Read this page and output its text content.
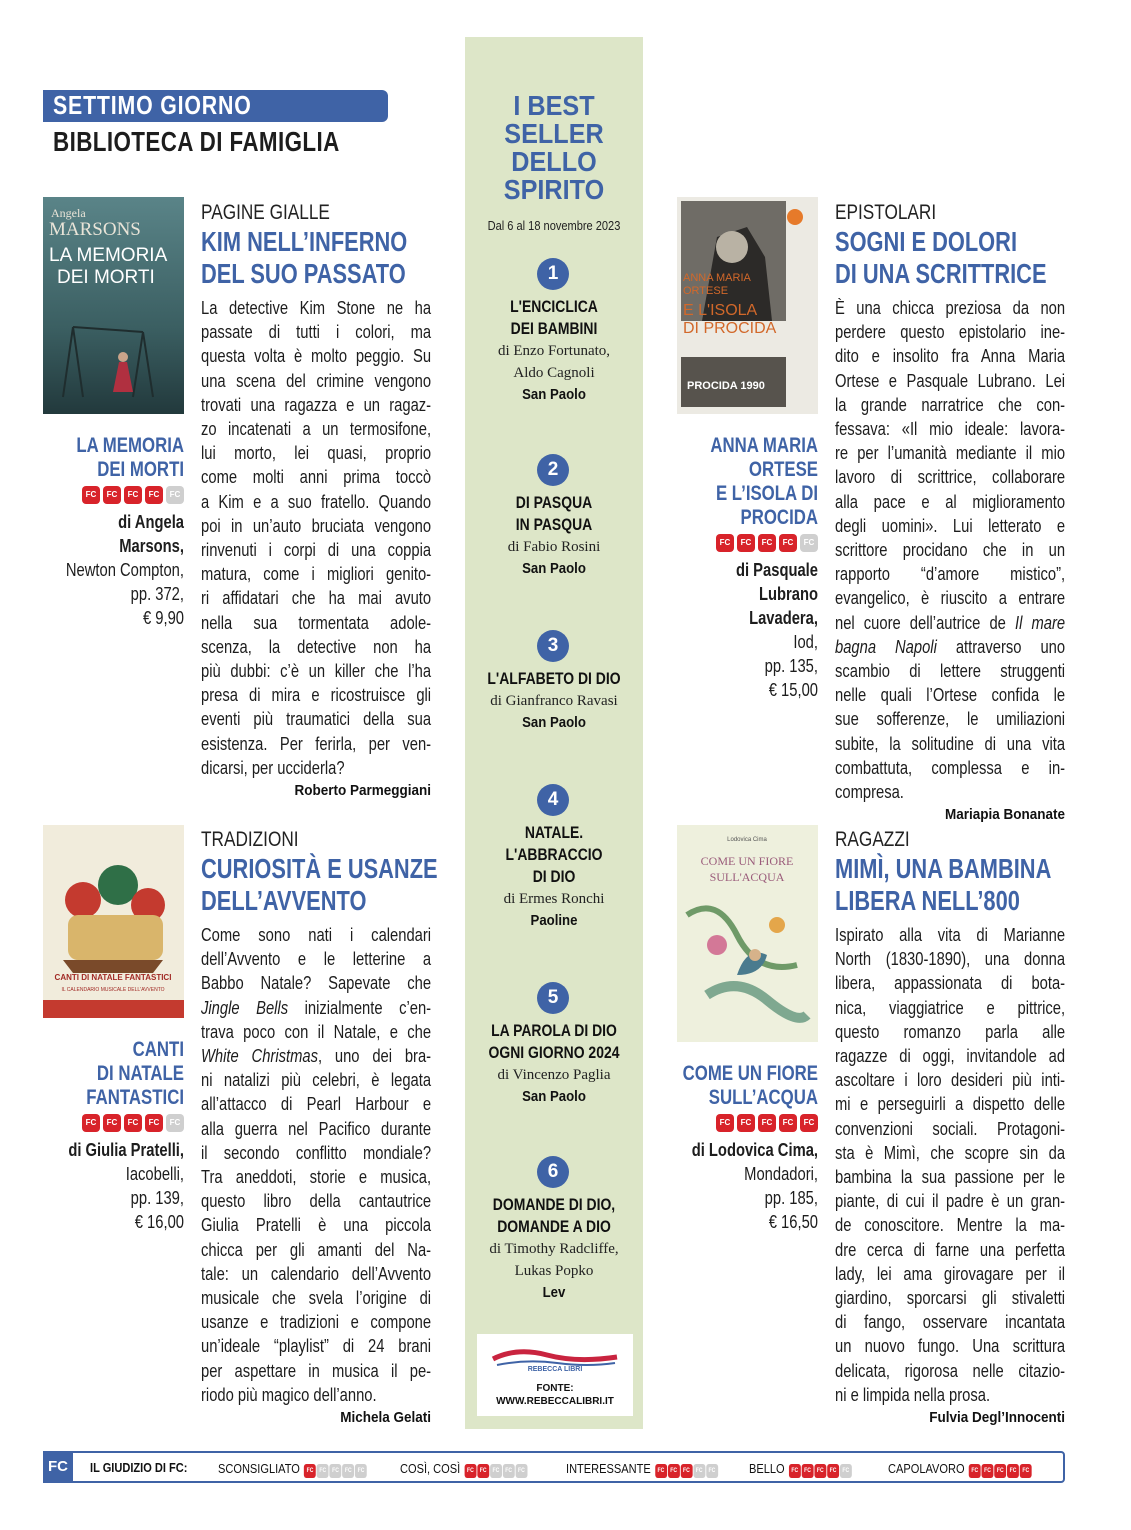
SETTIMO GIORNO
BIBLIOTECA DI FAMIGLIA
I BEST
SELLER
DELLO
SPIRITO
Dal 6 al 18 novembre 2023
1
L'ENCICLICA
DEI BAMBINI
di Enzo Fortunato,
Aldo Cagnoli
San Paolo
2
DI PASQUA
IN PASQUA
di Fabio Rosini
San Paolo
3
L'ALFABETO DI DIO
di Gianfranco Ravasi
San Paolo
4
NATALE.
L'ABBRACCIO
DI DIO
di Ermes Ronchi
Paoline
5
LA PAROLA DI DIO
OGNI GIORNO 2024
di Vincenzo Paglia
San Paolo
6
DOMANDE DI DIO,
DOMANDE A DIO
di Timothy Radcliffe,
Lukas Popko
Lev
REBECCA LIBRI
FONTE:
WWW.REBECCALIBRI.IT
Angela
MARSONS
LA MEMORIA
DEI MORTI	ANNA MARIA
ORTESE
E L'ISOLA
DI PROCIDA
PROCIDA 1990
CANTI DI NATALE FANTASTICI
IL CALENDARIO MUSICALE DELL'AVVENTO
Lodovica Cima
COME UN FIORE
SULL'ACQUA
LA MEMORIA
DEI MORTI
FC	FC	FC	FC	FC
di Angela
Marsons,
Newton Compton,
pp. 372,
€ 9,90
ANNA MARIA
ORTESE
E L’ISOLA DI
PROCIDA
FC	FC	FC	FC	FC
di Pasquale
Lubrano
Lavadera,
Iod,
pp. 135,
€ 15,00
CANTI
DI NATALE
FANTASTICI
FC	FC	FC	FC	FC
di Giulia Pratelli,
Iacobelli,
pp. 139,
€ 16,00
COME UN FIORE
SULL’ACQUA
FC	FC	FC	FC	FC
di Lodovica Cima,
Mondadori,
pp. 185,
€ 16,50
PAGINE GIALLE
KIM NELL’INFERNO
DEL SUO PASSATO
La detective Kim Stone ne ha
passate di tutti i colori, ma
questa volta è molto peggio. Su
una scena del crimine vengono
trovati una ragazza e un ragaz-
zo incatenati a un termosifone,
lui morto, lei quasi, proprio
come molti anni prima toccò
a Kim e a suo fratello. Quando
poi in un’auto bruciata vengono
rinvenuti i corpi di una coppia
matura, come i migliori genito-
ri affidatari che ha mai avuto
nella sua tormentata adole-
scenza, la detective non ha
più dubbi: c’è un killer che l’ha
presa di mira e ricostruisce gli
eventi più traumatici della sua
esistenza. Per ferirla, per ven-
dicarsi, per ucciderla?
Roberto Parmeggiani
EPISTOLARI
SOGNI E DOLORI
DI UNA SCRITTRICE
È una chicca preziosa da non
perdere questo epistolario ine-
dito e insolito fra Anna Maria
Ortese e Pasquale Lubrano. Lei
la grande narratrice che con-
fessava: «Il mio ideale: lavora-
re per l’umanità mediante il mio
lavoro di scrittrice, collaborare
alla pace e al miglioramento
degli uomini». Lui letterato e
scrittore procidano che in un
rapporto “d’amore mistico”,
evangelico, è riuscito a entrare
nel cuore dell’autrice de Il mare
bagna Napoli attraverso uno
scambio di lettere struggenti
nelle quali l’Ortese confida le
sue sofferenze, le umiliazioni
subite, la solitudine di una vita
combattuta, complessa e in-
compresa.
Mariapia Bonanate
TRADIZIONI
CURIOSITÀ E USANZE
DELL’AVVENTO
Come sono nati i calendari
dell’Avvento e le letterine a
Babbo Natale? Sapevate che
Jingle Bells inizialmente c’en-
trava poco con il Natale, e che
White Christmas, uno dei bra-
ni natalizi più celebri, è legata
all’attacco di Pearl Harbour e
alla guerra nel Pacifico durante
il secondo conflitto mondiale?
Tra aneddoti, storie e musica,
questo libro della cantautrice
Giulia Pratelli è una piccola
chicca per gli amanti del Na-
tale: un calendario dell’Avvento
musicale che svela l’origine di
usanze e tradizioni e compone
un’ideale “playlist” di 24 brani
per aspettare in musica il pe-
riodo più magico dell’anno.
Michela Gelati
RAGAZZI
MIMÌ, UNA BAMBINA
LIBERA NELL’800
Ispirato alla vita di Marianne
North (1830-1890), una donna
libera, appassionata di bota-
nica, viaggiatrice e pittrice,
questo romanzo parla alle
ragazze di oggi, invitandole ad
ascoltare i loro desideri più inti-
mi e perseguirli a dispetto delle
convenzioni sociali. Protagoni-
sta è Mimì, che scopre sin da
bambina la sua passione per le
piante, di cui il padre è un gran-
de conoscitore. Mentre la ma-
dre cerca di farne una perfetta
lady, lei ama girovagare per il
giardino, sporcarsi gli stivaletti
di fango, osservare incantata
un nuovo fungo. Una scrittura
delicata, rigorosa nelle citazio-
ni e limpida nella prosa.
Fulvia Degl’Innocenti
FC	IL GIUDIZIO DI FC: SCONSIGLIATO	FC FC FC FC FC	COSÌ, COSÌ	FC FC FC FC FC	INTERESSANTE	FC FC FC FC FC	BELLO	FC FC FC FC FC	CAPOLAVORO	FC FC FC FC FC
